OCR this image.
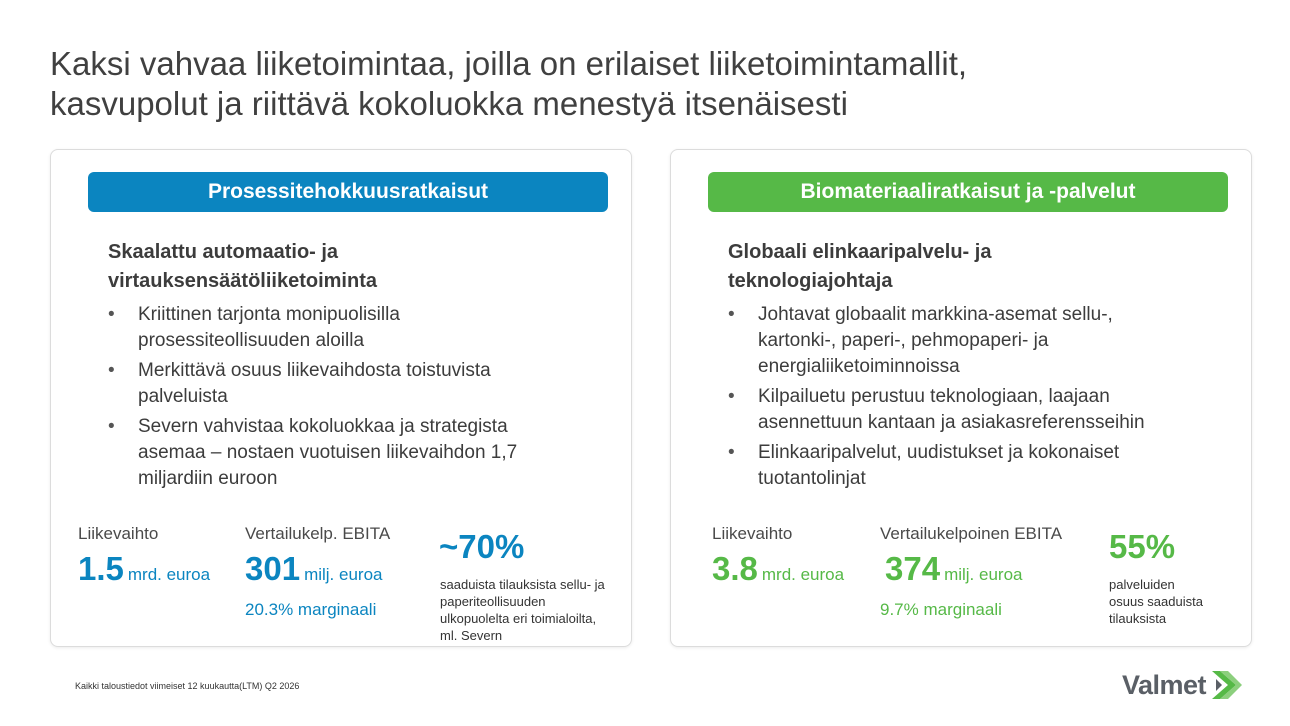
Kaksi vahvaa liiketoimintaa, joilla on erilaiset liiketoimintamallit,
kasvupolut ja riittävä kokoluokka menestyä itsenäisesti
Prosessitehokkuusratkaisut
Skaalattu automaatio- ja
virtauksensäätöliiketoiminta
• Kriittinen tarjonta monipuolisilla
prosessiteollisuuden aloilla
• Merkittävä osuus liikevaihdosta toistuvista
palveluista
• Severn vahvistaa kokoluokkaa ja strategista
asemaa – nostaen vuotuisen liikevaihdon 1,7
miljardiin euroon
Liikevaihto
1.5 mrd. euroa
Vertailukelp. EBITA
301 milj. euroa
20.3% marginaali
~70%
saaduista tilauksista sellu- ja
paperiteollisuuden
ulkopuolelta eri toimialoilta,
ml. Severn
Biomateriaaliratkaisut ja -palvelut
Globaali elinkaaripalvelu- ja
teknologiajohtaja
• Johtavat globaalit markkina-asemat sellu-,
kartonki-, paperi-, pehmopaperi- ja
energialiiketoiminnoissa
• Kilpailuetu perustuu teknologiaan, laajaan
asennettuun kantaan ja asiakasreferensseihin
• Elinkaaripalvelut, uudistukset ja kokonaiset
tuotantolinjat
Liikevaihto
3.8 mrd. euroa
Vertailukelpoinen EBITA
374 milj. euroa
9.7% marginaali
55%
palveluiden
osuus saaduista
tilauksista
Kaikki taloustiedot viimeiset 12 kuukautta(LTM) Q2 2026	Valmet
